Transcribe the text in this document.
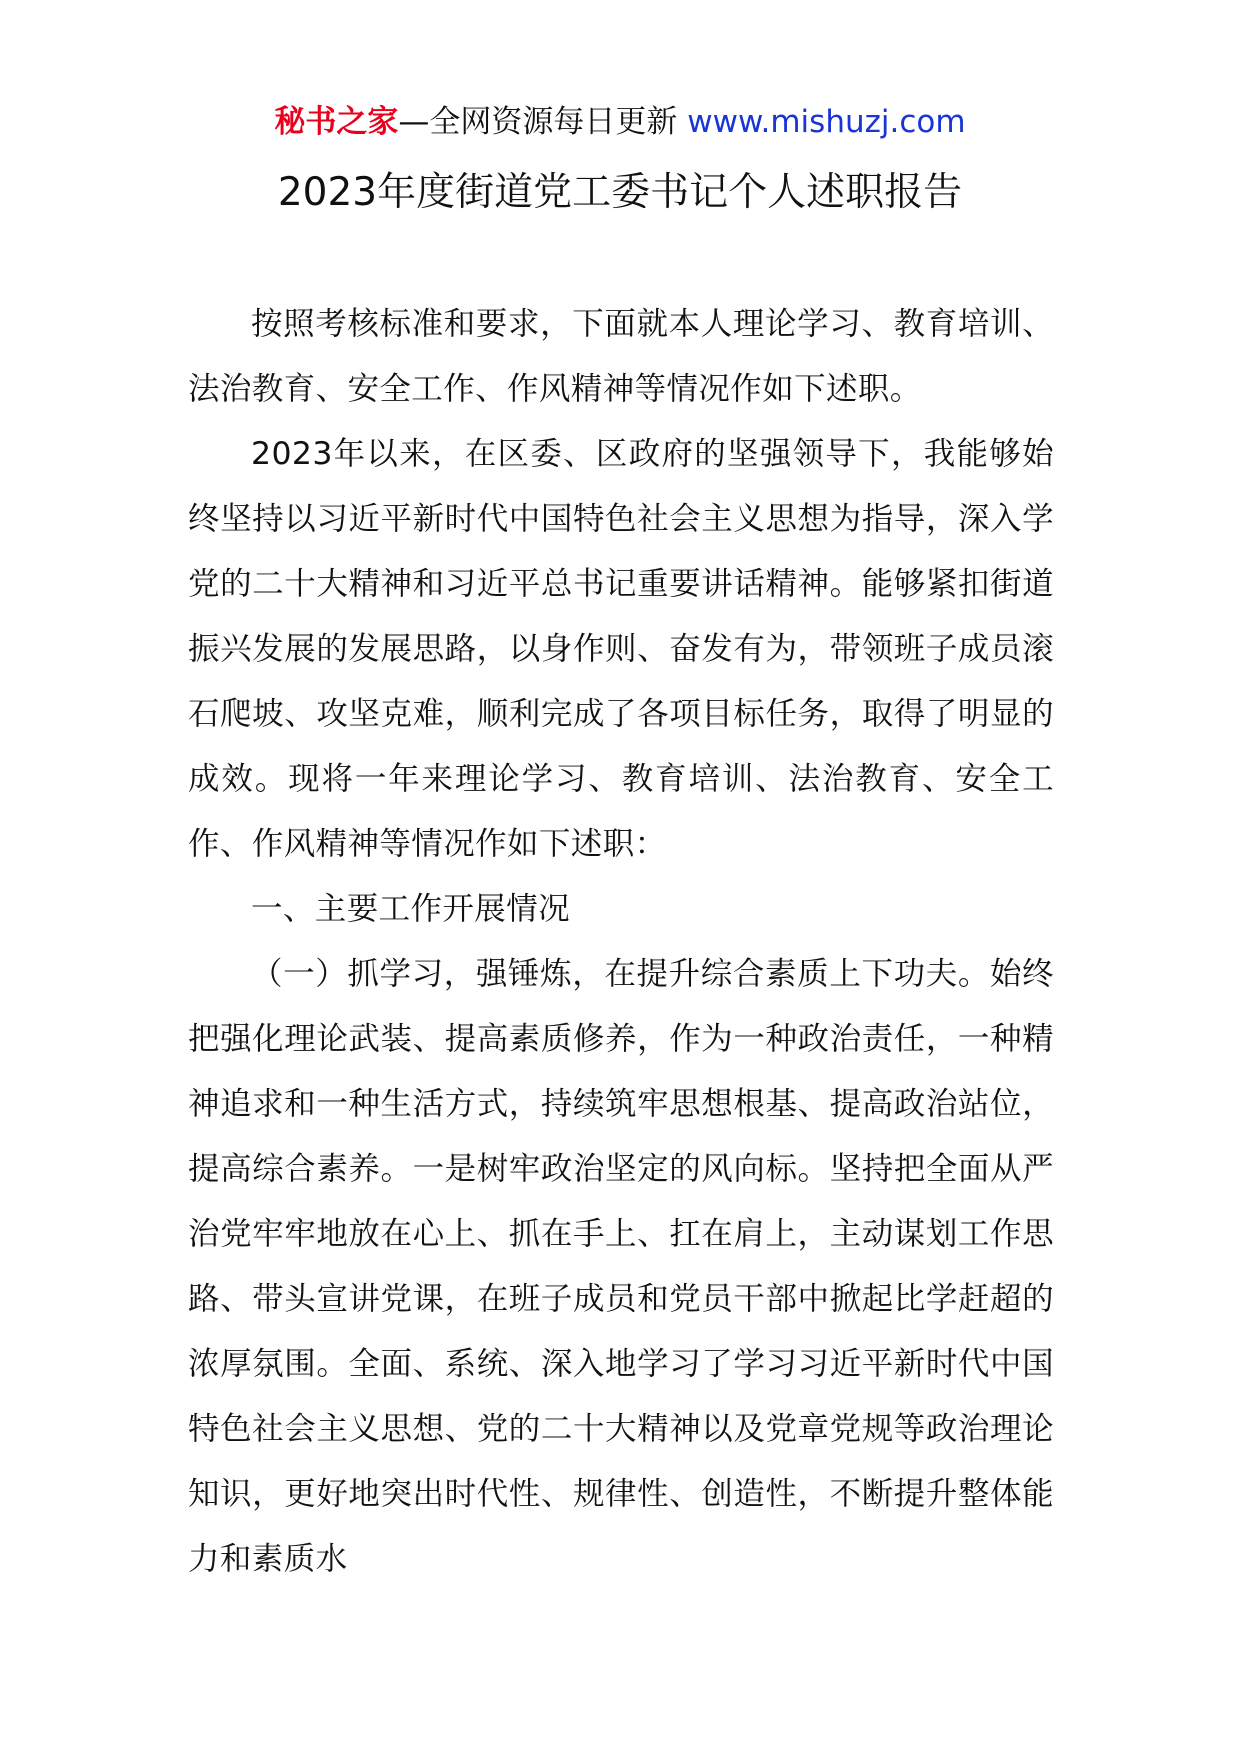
秘书之家—全网资源每日更新 www.mishuzj.com
2023年度街道党工委书记个人述职报告

按照考核标准和要求，下面就本人理论学习、教育培训、法治教育、安全工作、作风精神等情况作如下述职。

2023年以来，在区委、区政府的坚强领导下，我能够始终坚持以习近平新时代中国特色社会主义思想为指导，深入学党的二十大精神和习近平总书记重要讲话精神。能够紧扣街道振兴发展的发展思路，以身作则、奋发有为，带领班子成员滚石爬坡、攻坚克难，顺利完成了各项目标任务，取得了明显的成效。现将一年来理论学习、教育培训、法治教育、安全工作、作风精神等情况作如下述职：

一、主要工作开展情况

（一）抓学习，强锤炼，在提升综合素质上下功夫。始终把强化理论武装、提高素质修养，作为一种政治责任，一种精神追求和一种生活方式，持续筑牢思想根基、提高政治站位，提高综合素养。一是树牢政治坚定的风向标。坚持把全面从严治党牢牢地放在心上、抓在手上、扛在肩上，主动谋划工作思路、带头宣讲党课，在班子成员和党员干部中掀起比学赶超的浓厚氛围。全面、系统、深入地学习了学习习近平新时代中国特色社会主义思想、党的二十大精神以及党章党规等政治理论知识，更好地突出时代性、规律性、创造性，不断提升整体能力和素质水
